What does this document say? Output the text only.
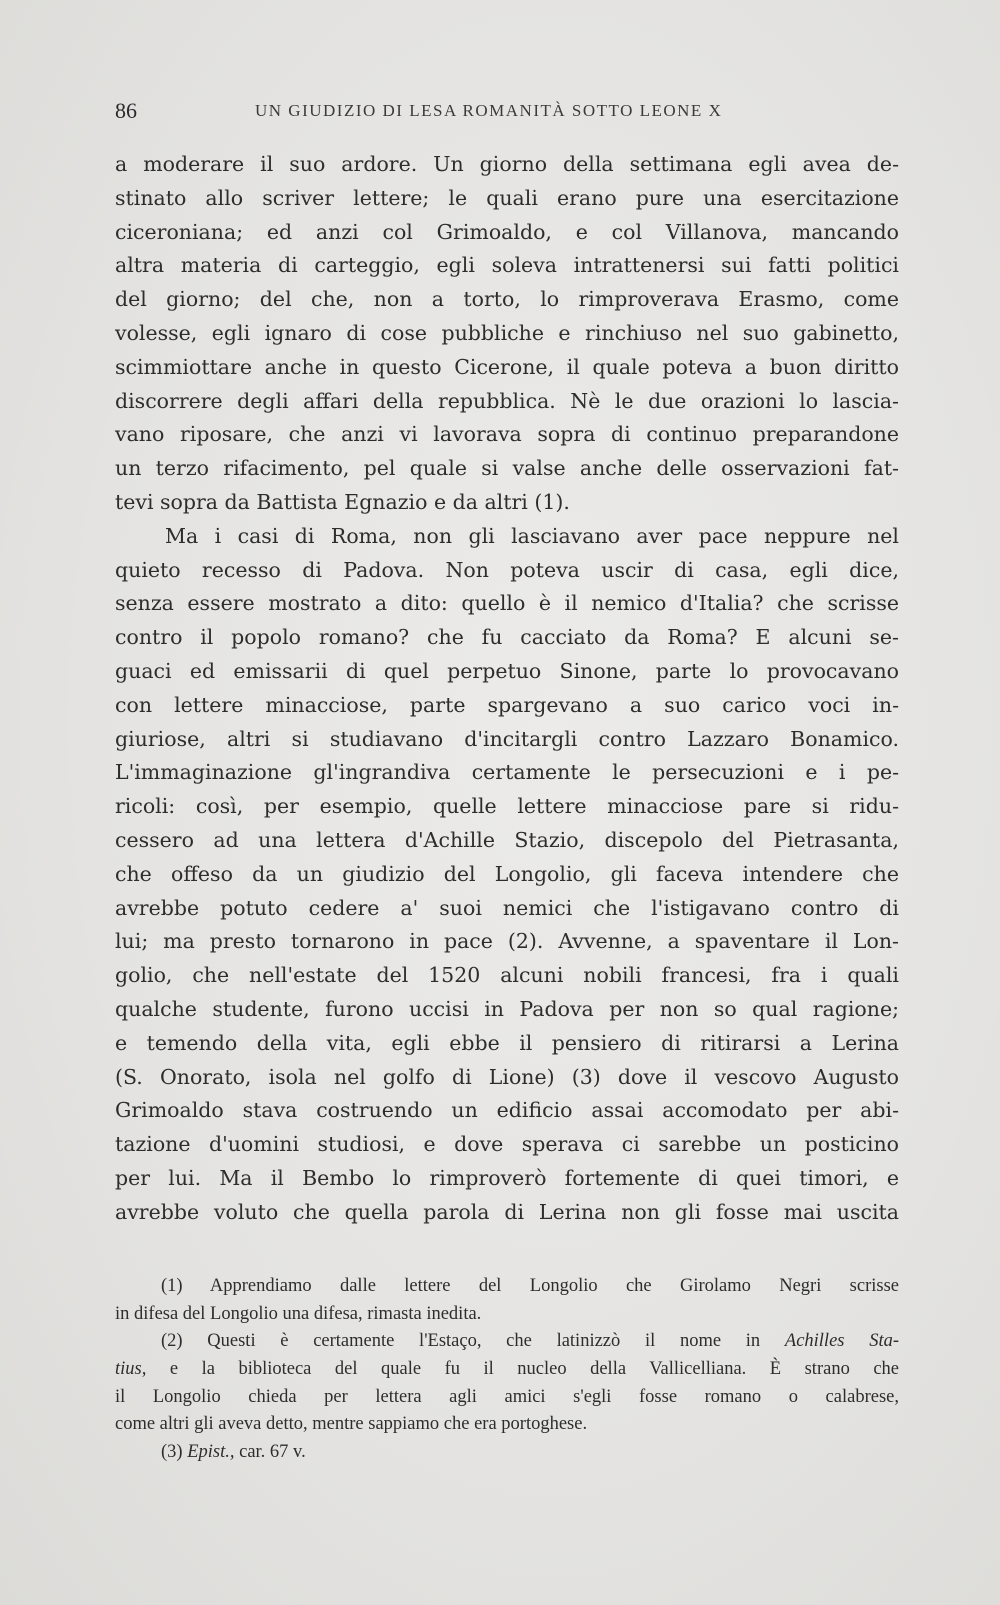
86	UN GIUDIZIO DI LESA ROMANITÀ SOTTO LEONE X
a moderare il suo ardore. Un giorno della settimana egli avea de-
stinato allo scriver lettere; le quali erano pure una esercitazione
ciceroniana; ed anzi col Grimoaldo, e col Villanova, mancando
altra materia di carteggio, egli soleva intrattenersi sui fatti politici
del giorno; del che, non a torto, lo rimproverava Erasmo, come
volesse, egli ignaro di cose pubbliche e rinchiuso nel suo gabinetto,
scimmiottare anche in questo Cicerone, il quale poteva a buon diritto
discorrere degli affari della repubblica. Nè le due orazioni lo lascia-
vano riposare, che anzi vi lavorava sopra di continuo preparandone
un terzo rifacimento, pel quale si valse anche delle osservazioni fat-
tevi sopra da Battista Egnazio e da altri (1).
Ma i casi di Roma, non gli lasciavano aver pace neppure nel
quieto recesso di Padova. Non poteva uscir di casa, egli dice,
senza essere mostrato a dito: quello è il nemico d'Italia? che scrisse
contro il popolo romano? che fu cacciato da Roma? E alcuni se-
guaci ed emissarii di quel perpetuo Sinone, parte lo provocavano
con lettere minacciose, parte spargevano a suo carico voci in-
giuriose, altri si studiavano d'incitargli contro Lazzaro Bonamico.
L'immaginazione gl'ingrandiva certamente le persecuzioni e i pe-
ricoli: così, per esempio, quelle lettere minacciose pare si ridu-
cessero ad una lettera d'Achille Stazio, discepolo del Pietrasanta,
che offeso da un giudizio del Longolio, gli faceva intendere che
avrebbe potuto cedere a' suoi nemici che l'istigavano contro di
lui; ma presto tornarono in pace (2). Avvenne, a spaventare il Lon-
golio, che nell'estate del 1520 alcuni nobili francesi, fra i quali
qualche studente, furono uccisi in Padova per non so qual ragione;
e temendo della vita, egli ebbe il pensiero di ritirarsi a Lerina
(S. Onorato, isola nel golfo di Lione) (3) dove il vescovo Augusto
Grimoaldo stava costruendo un edificio assai accomodato per abi-
tazione d'uomini studiosi, e dove sperava ci sarebbe un posticino
per lui. Ma il Bembo lo rimproverò fortemente di quei timori, e
avrebbe voluto che quella parola di Lerina non gli fosse mai uscita
(1) Apprendiamo dalle lettere del Longolio che Girolamo Negri scrisse
in difesa del Longolio una difesa, rimasta inedita.
(2) Questi è certamente l'Estaço, che latinizzò il nome in Achilles Sta-
tius, e la biblioteca del quale fu il nucleo della Vallicelliana. È strano che
il Longolio chieda per lettera agli amici s'egli fosse romano o calabrese,
come altri gli aveva detto, mentre sappiamo che era portoghese.
(3) Epist., car. 67 v.
